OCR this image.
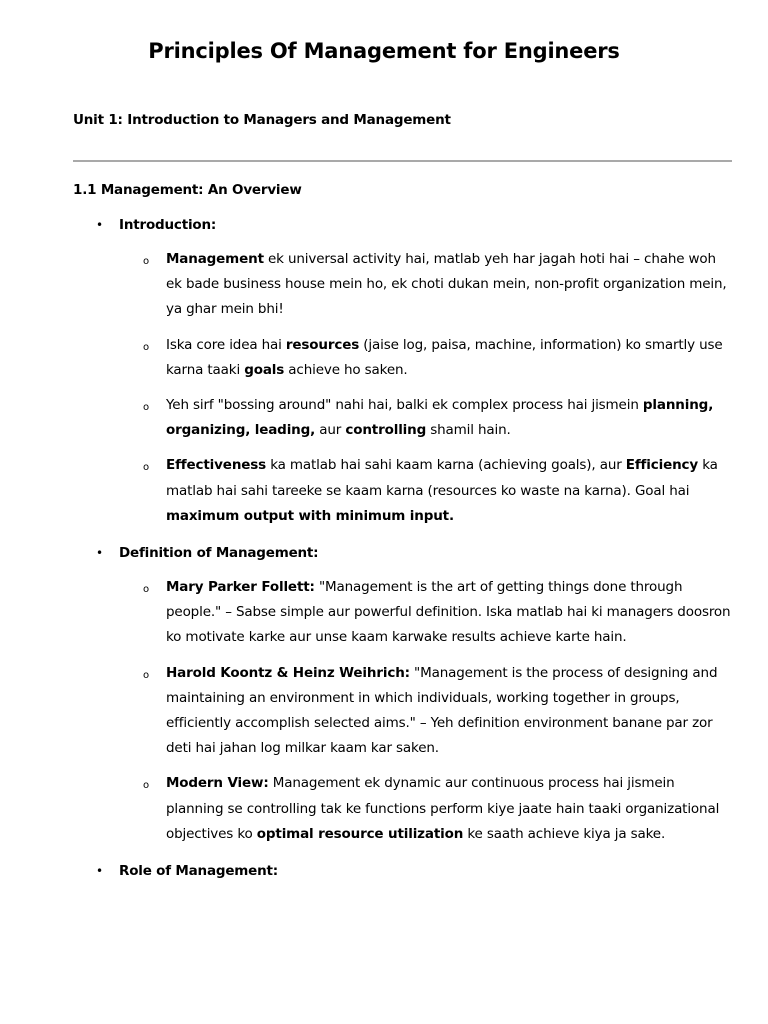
Principles Of Management for Engineers
Unit 1: Introduction to Managers and Management
1.1 Management: An Overview
• Introduction:
o Management ek universal activity hai, matlab yeh har jagah hoti hai – chahe woh ek bade business house mein ho, ek choti dukan mein, non-profit organization mein, ya ghar mein bhi!
o Iska core idea hai resources (jaise log, paisa, machine, information) ko smartly use karna taaki goals achieve ho saken.
o Yeh sirf "bossing around" nahi hai, balki ek complex process hai jismein planning, organizing, leading, aur controlling shamil hain.
o Effectiveness ka matlab hai sahi kaam karna (achieving goals), aur Efficiency ka matlab hai sahi tareeke se kaam karna (resources ko waste na karna). Goal hai maximum output with minimum input.
• Definition of Management:
o Mary Parker Follett: "Management is the art of getting things done through people." – Sabse simple aur powerful definition. Iska matlab hai ki managers doosron ko motivate karke aur unse kaam karwake results achieve karte hain.
o Harold Koontz & Heinz Weihrich: "Management is the process of designing and maintaining an environment in which individuals, working together in groups, efficiently accomplish selected aims." – Yeh definition environment banane par zor deti hai jahan log milkar kaam kar saken.
o Modern View: Management ek dynamic aur continuous process hai jismein planning se controlling tak ke functions perform kiye jaate hain taaki organizational objectives ko optimal resource utilization ke saath achieve kiya ja sake.
• Role of Management:
